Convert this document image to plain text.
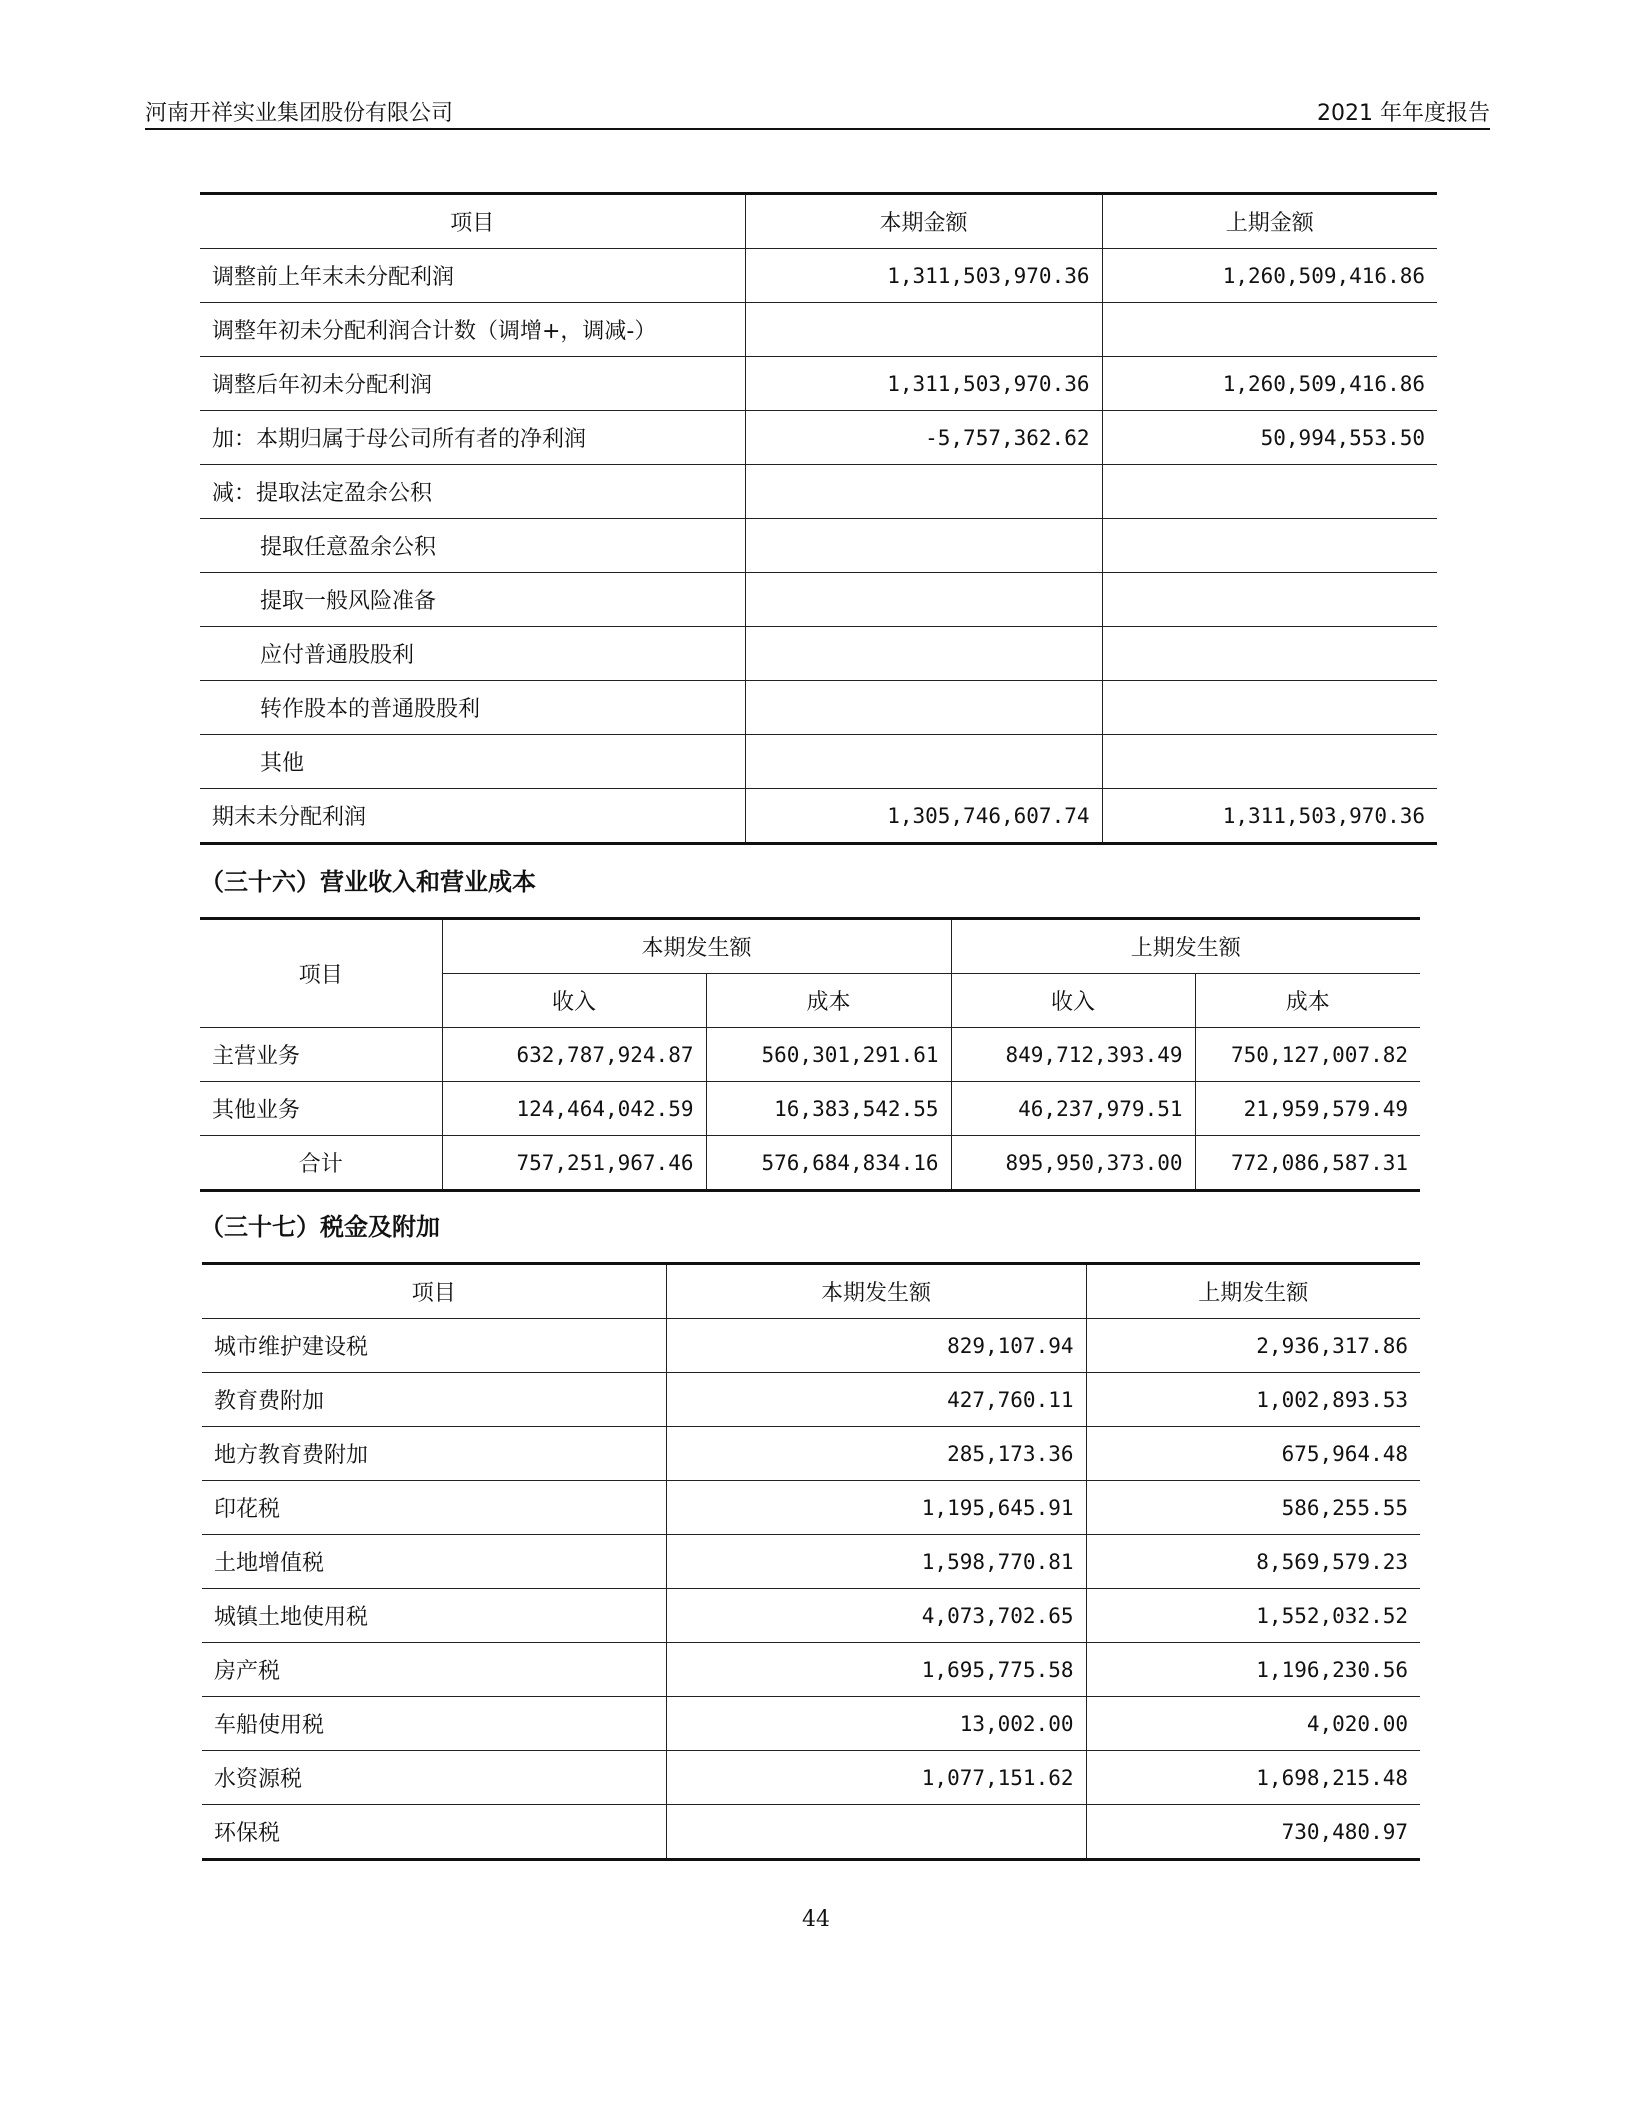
河南开祥实业集团股份有限公司	2021 年年度报告
项目	本期金额	上期金额
调整前上年末未分配利润	1,311,503,970.36	1,260,509,416.86
调整年初未分配利润合计数（调增+，调减-）		
调整后年初未分配利润	1,311,503,970.36	1,260,509,416.86
加：本期归属于母公司所有者的净利润	-5,757,362.62	50,994,553.50
减：提取法定盈余公积		
提取任意盈余公积		
提取一般风险准备		
应付普通股股利		
转作股本的普通股股利		
其他		
期末未分配利润	1,305,746,607.74	1,311,503,970.36
（三十六）营业收入和营业成本
项目	本期发生额		上期发生额	
	收入	成本	收入	成本
主营业务	632,787,924.87	560,301,291.61	849,712,393.49	750,127,007.82
其他业务	124,464,042.59	16,383,542.55	46,237,979.51	21,959,579.49
合计	757,251,967.46	576,684,834.16	895,950,373.00	772,086,587.31
（三十七）税金及附加
项目	本期发生额	上期发生额
城市维护建设税	829,107.94	2,936,317.86
教育费附加	427,760.11	1,002,893.53
地方教育费附加	285,173.36	675,964.48
印花税	1,195,645.91	586,255.55
土地增值税	1,598,770.81	8,569,579.23
城镇土地使用税	4,073,702.65	1,552,032.52
房产税	1,695,775.58	1,196,230.56
车船使用税	13,002.00	4,020.00
水资源税	1,077,151.62	1,698,215.48
环保税		730,480.97
44
